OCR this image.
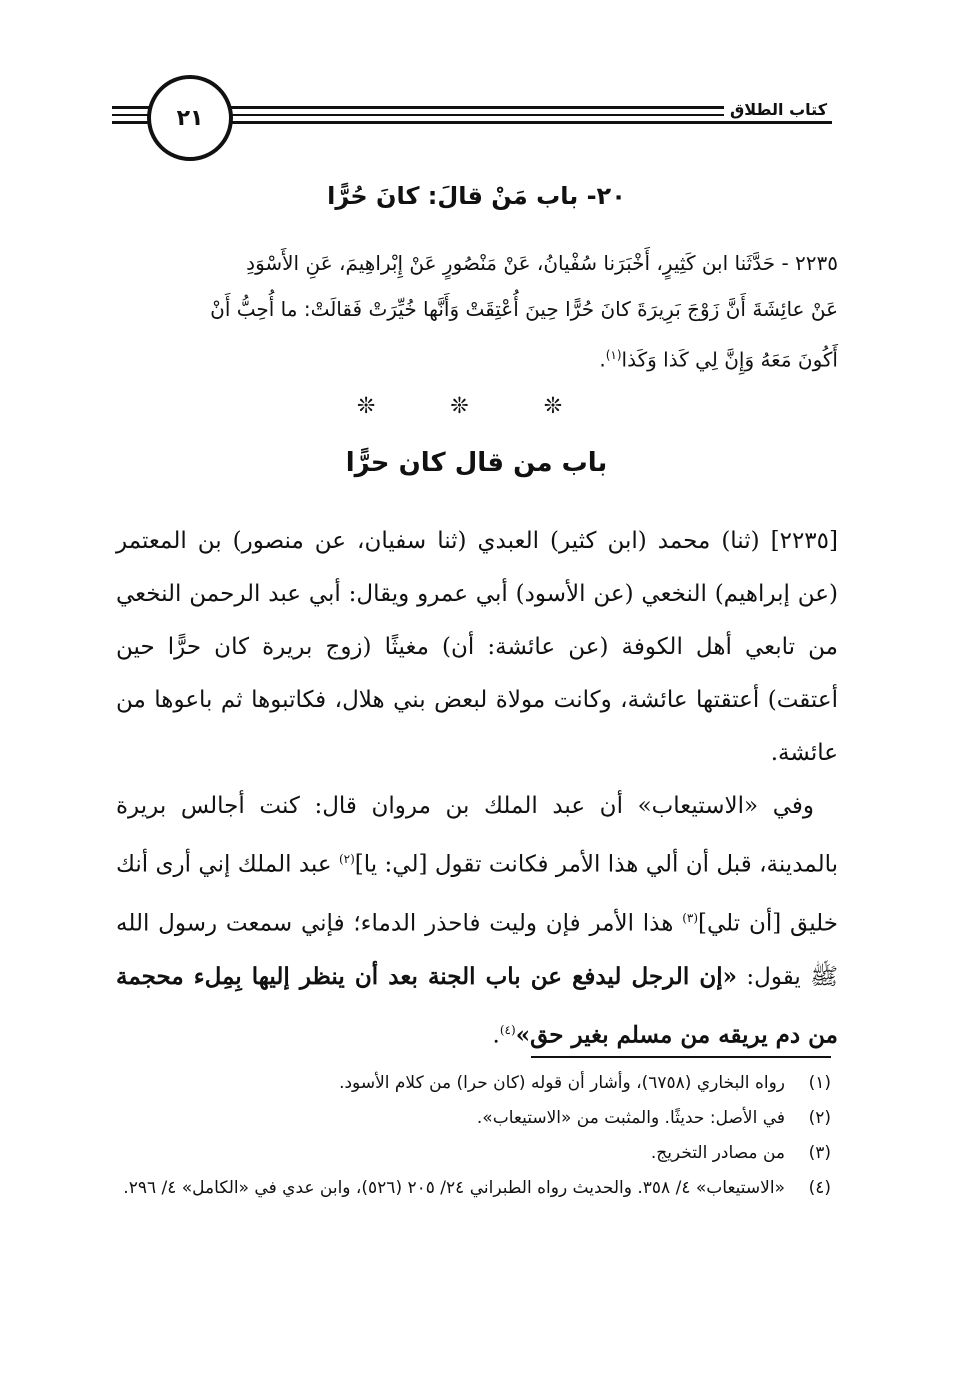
كتاب الطلاق
٢١
٢٠- باب مَنْ قالَ: كانَ حُرًّا
٢٢٣٥ - حَدَّثَنا ابن كَثِيرٍ، أَخْبَرَنا سُفْيانُ، عَنْ مَنْصُورٍ عَنْ إِبْراهِيمَ، عَنِ الأَسْوَدِ
عَنْ عائِشَةَ أَنَّ زَوْجَ بَرِيرَةَ كانَ حُرًّا حِينَ أُعْتِقَتْ وَأَنَّها خُيِّرَتْ فَقالَتْ: ما أُحِبُّ أَنْ
أَكُونَ مَعَهُ وَإِنَّ لِي كَذا وَكَذا$^{(١)}$.
❊ ❊ ❊
باب من قال كان حرًّا

[٢٢٣٥] (ثنا) محمد (ابن كثير) العبدي (ثنا سفيان، عن منصور) بن المعتمر (عن إبراهيم) النخعي (عن الأسود) أبي عمرو ويقال: أبي عبد الرحمن النخعي من تابعي أهل الكوفة (عن عائشة: أن) مغيثًا (زوج بريرة كان حرًّا حين أعتقت) أعتقتها عائشة، وكانت مولاة لبعض بني هلال، فكاتبوها ثم باعوها من عائشة.

وفي «الاستيعاب» أن عبد الملك بن مروان قال: كنت أجالس بريرة بالمدينة، قبل أن ألي هذا الأمر فكانت تقول [لي: يا]$^{(٢)}$ عبد الملك إني أرى أنك خليق [أن تلي]$^{(٣)}$ هذا الأمر فإن وليت فاحذر الدماء؛ فإني سمعت رسول الله ﷺ يقول: «إن الرجل ليدفع عن باب الجنة بعد أن ينظر إليها بِمِلء محجمة من دم يريقه من مسلم بغير حق»$^{(٤)}$.

(١)
رواه البخاري (٦٧٥٨)، وأشار أن قوله (كان حرا) من كلام الأسود.
(٢)
في الأصل: حديثًا. والمثبت من «الاستيعاب».
(٣)
من مصادر التخريج.
(٤)
«الاستيعاب» ٤/ ٣٥٨. والحديث رواه الطبراني ٢٤/ ٢٠٥ (٥٢٦)، وابن عدي في «الكامل» ٤/ ٢٩٦.
